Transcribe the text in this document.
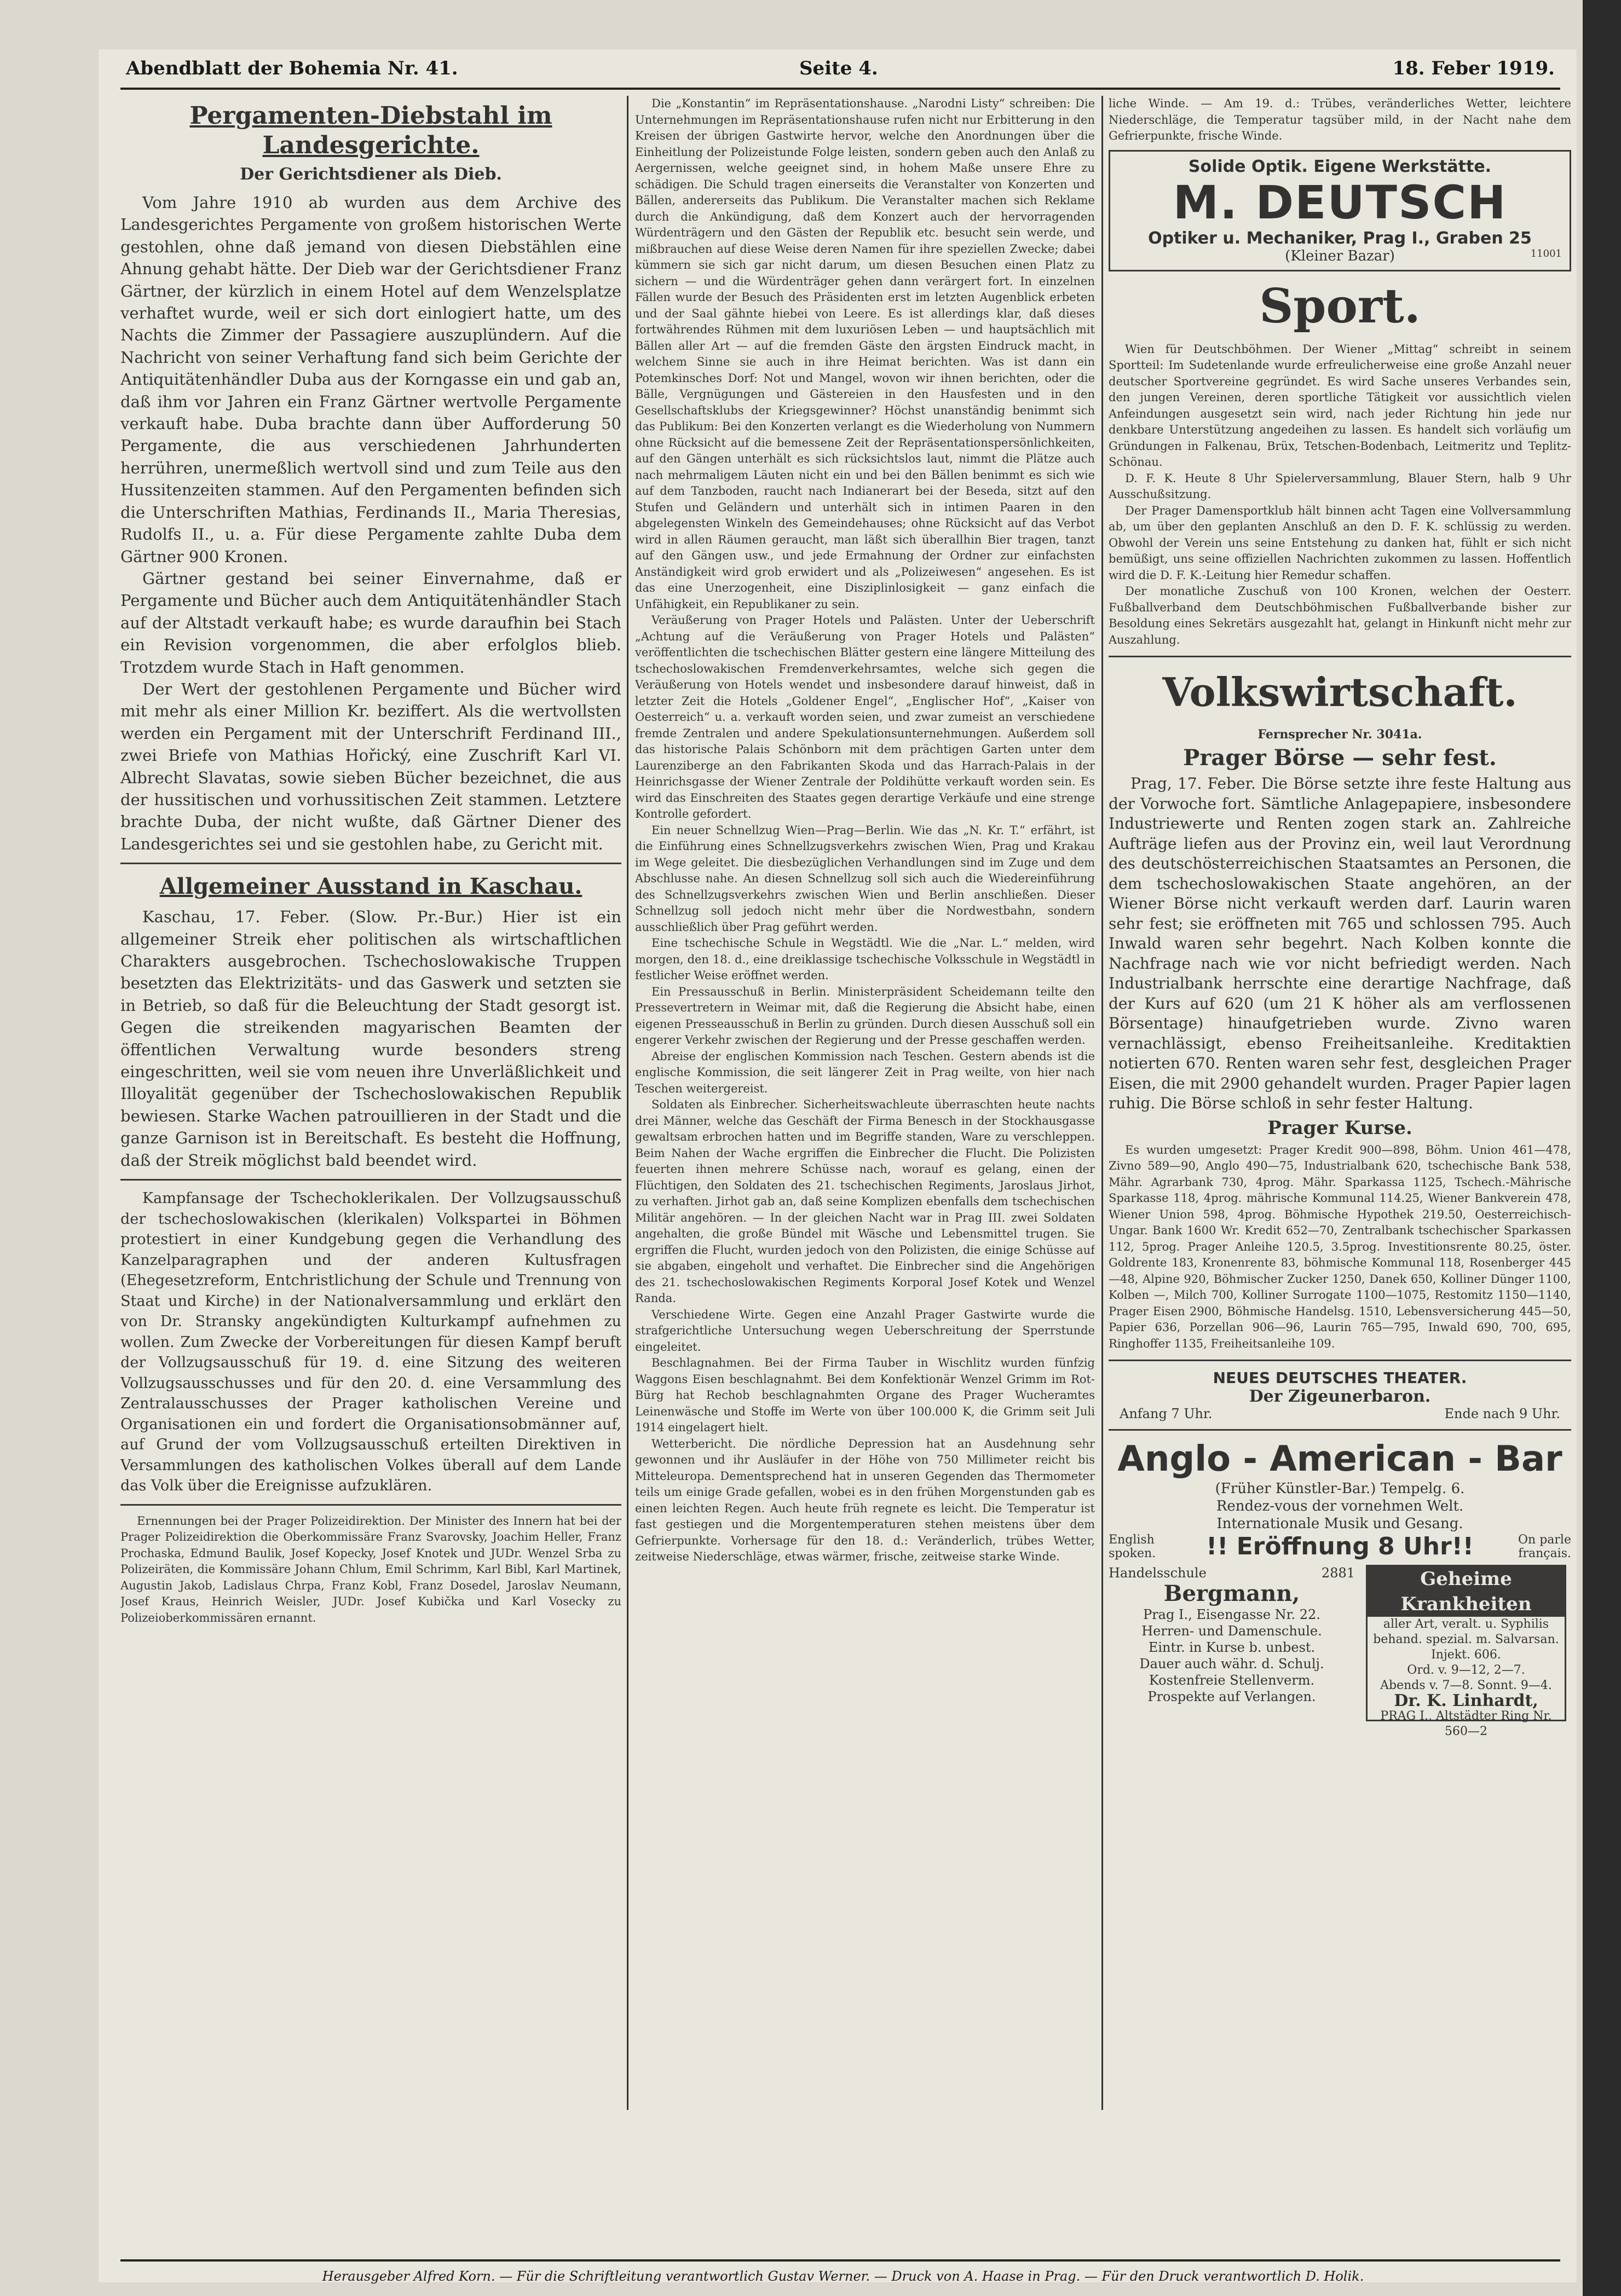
Abendblatt der Bohemia Nr. 41.	Seite 4.	18. Feber 1919.
Pergamenten-Diebstahl im Landesgerichte.
Der Gerichtsdiener als Dieb.

Vom Jahre 1910 ab wurden aus dem Archive des Landesgerichtes Pergamente von großem historischen Werte gestohlen, ohne daß jemand von diesen Diebstählen eine Ahnung gehabt hätte. Der Dieb war der Gerichtsdiener Franz Gärtner, der kürzlich in einem Hotel auf dem Wenzelsplatze verhaftet wurde, weil er sich dort einlogiert hatte, um des Nachts die Zimmer der Passagiere auszuplündern. Auf die Nachricht von seiner Verhaftung fand sich beim Gerichte der Antiquitätenhändler Duba aus der Korngasse ein und gab an, daß ihm vor Jahren ein Franz Gärtner wertvolle Pergamente verkauft habe. Duba brachte dann über Aufforderung 50 Pergamente, die aus verschiedenen Jahrhunderten herrühren, unermeßlich wertvoll sind und zum Teile aus den Hussitenzeiten stammen. Auf den Pergamenten befinden sich die Unterschriften Mathias, Ferdinands II., Maria Theresias, Rudolfs II., u. a. Für diese Pergamente zahlte Duba dem Gärtner 900 Kronen.

Gärtner gestand bei seiner Einvernahme, daß er Pergamente und Bücher auch dem Antiquitätenhändler Stach auf der Altstadt verkauft habe; es wurde daraufhin bei Stach ein Revision vorgenommen, die aber erfolglos blieb. Trotzdem wurde Stach in Haft genommen.

Der Wert der gestohlenen Pergamente und Bücher wird mit mehr als einer Million Kr. beziffert. Als die wertvollsten werden ein Pergament mit der Unterschrift Ferdinand III., zwei Briefe von Mathias Hořický, eine Zuschrift Karl VI. Albrecht Slavatas, sowie sieben Bücher bezeichnet, die aus der hussitischen und vorhussitischen Zeit stammen. Letztere brachte Duba, der nicht wußte, daß Gärtner Diener des Landesgerichtes sei und sie gestohlen habe, zu Gericht mit.

Allgemeiner Ausstand in Kaschau.

Kaschau, 17. Feber. (Slow. Pr.-Bur.) Hier ist ein allgemeiner Streik eher politischen als wirtschaftlichen Charakters ausgebrochen. Tschechoslowakische Truppen besetzten das Elektrizitäts- und das Gaswerk und setzten sie in Betrieb, so daß für die Beleuchtung der Stadt gesorgt ist. Gegen die streikenden magyarischen Beamten der öffentlichen Verwaltung wurde besonders streng eingeschritten, weil sie vom neuen ihre Unverläßlichkeit und Illoyalität gegenüber der Tschechoslowakischen Republik bewiesen. Starke Wachen patrouillieren in der Stadt und die ganze Garnison ist in Bereitschaft. Es besteht die Hoffnung, daß der Streik möglichst bald beendet wird.

Kampfansage der Tschechoklerikalen. Der Vollzugsausschuß der tschechoslowakischen (klerikalen) Volkspartei in Böhmen protestiert in einer Kundgebung gegen die Verhandlung des Kanzelparagraphen und der anderen Kultusfragen (Ehegesetzreform, Entchristlichung der Schule und Trennung von Staat und Kirche) in der Nationalversammlung und erklärt den von Dr. Stransky angekündigten Kulturkampf aufnehmen zu wollen. Zum Zwecke der Vorbereitungen für diesen Kampf beruft der Vollzugsausschuß für 19. d. eine Sitzung des weiteren Vollzugsausschusses und für den 20. d. eine Versammlung des Zentralausschusses der Prager katholischen Vereine und Organisationen ein und fordert die Organisationsobmänner auf, auf Grund der vom Vollzugsausschuß erteilten Direktiven in Versammlungen des katholischen Volkes überall auf dem Lande das Volk über die Ereignisse aufzuklären.

Ernennungen bei der Prager Polizeidirektion. Der Minister des Innern hat bei der Prager Polizeidirektion die Oberkommissäre Franz Svarovsky, Joachim Heller, Franz Prochaska, Edmund Baulik, Josef Kopecky, Josef Knotek und JUDr. Wenzel Srba zu Polizeiräten, die Kommissäre Johann Chlum, Emil Schrimm, Karl Bibl, Karl Martinek, Augustin Jakob, Ladislaus Chrpa, Franz Kobl, Franz Dosedel, Jaroslav Neumann, Josef Kraus, Heinrich Weisler, JUDr. Josef Kubička und Karl Vosecky zu Polizeioberkommissären ernannt.

Die „Konstantin“ im Repräsentationshause. „Narodni Listy“ schreiben: Die Unternehmungen im Repräsentationshause rufen nicht nur Erbitterung in den Kreisen der übrigen Gastwirte hervor, welche den Anordnungen über die Einheitlung der Polizeistunde Folge leisten, sondern geben auch den Anlaß zu Aergernissen, welche geeignet sind, in hohem Maße unsere Ehre zu schädigen. Die Schuld tragen einerseits die Veranstalter von Konzerten und Bällen, andererseits das Publikum. Die Veranstalter machen sich Reklame durch die Ankündigung, daß dem Konzert auch der hervorragenden Würdenträgern und den Gästen der Republik etc. besucht sein werde, und mißbrauchen auf diese Weise deren Namen für ihre speziellen Zwecke; dabei kümmern sie sich gar nicht darum, um diesen Besuchen einen Platz zu sichern — und die Würdenträger gehen dann verärgert fort. In einzelnen Fällen wurde der Besuch des Präsidenten erst im letzten Augenblick erbeten und der Saal gähnte hiebei von Leere. Es ist allerdings klar, daß dieses fortwährendes Rühmen mit dem luxuriösen Leben — und hauptsächlich mit Bällen aller Art — auf die fremden Gäste den ärgsten Eindruck macht, in welchem Sinne sie auch in ihre Heimat berichten. Was ist dann ein Potemkinsches Dorf: Not und Mangel, wovon wir ihnen berichten, oder die Bälle, Vergnügungen und Gästereien in den Hausfesten und in den Gesellschaftsklubs der Kriegsgewinner? Höchst unanständig benimmt sich das Publikum: Bei den Konzerten verlangt es die Wiederholung von Nummern ohne Rücksicht auf die bemessene Zeit der Repräsentationspersönlichkeiten, auf den Gängen unterhält es sich rücksichtslos laut, nimmt die Plätze auch nach mehrmaligem Läuten nicht ein und bei den Bällen benimmt es sich wie auf dem Tanzboden, raucht nach Indianerart bei der Beseda, sitzt auf den Stufen und Geländern und unterhält sich in intimen Paaren in den abgelegensten Winkeln des Gemeindehauses; ohne Rücksicht auf das Verbot wird in allen Räumen geraucht, man läßt sich überallhin Bier tragen, tanzt auf den Gängen usw., und jede Ermahnung der Ordner zur einfachsten Anständigkeit wird grob erwidert und als „Polizeiwesen“ angesehen. Es ist das eine Unerzogenheit, eine Disziplinlosigkeit — ganz einfach die Unfähigkeit, ein Republikaner zu sein.

Veräußerung von Prager Hotels und Palästen. Unter der Ueberschrift „Achtung auf die Veräußerung von Prager Hotels und Palästen“ veröffentlichten die tschechischen Blätter gestern eine längere Mitteilung des tschechoslowakischen Fremdenverkehrsamtes, welche sich gegen die Veräußerung von Hotels wendet und insbesondere darauf hinweist, daß in letzter Zeit die Hotels „Goldener Engel“, „Englischer Hof“, „Kaiser von Oesterreich“ u. a. verkauft worden seien, und zwar zumeist an verschiedene fremde Zentralen und andere Spekulationsunternehmungen. Außerdem soll das historische Palais Schönborn mit dem prächtigen Garten unter dem Laurenziberge an den Fabrikanten Skoda und das Harrach-Palais in der Heinrichsgasse der Wiener Zentrale der Poldihütte verkauft worden sein. Es wird das Einschreiten des Staates gegen derartige Verkäufe und eine strenge Kontrolle gefordert.

Ein neuer Schnellzug Wien—Prag—Berlin. Wie das „N. Kr. T.“ erfährt, ist die Einführung eines Schnellzugsverkehrs zwischen Wien, Prag und Krakau im Wege geleitet. Die diesbezüglichen Verhandlungen sind im Zuge und dem Abschlusse nahe. An diesen Schnellzug soll sich auch die Wiedereinführung des Schnellzugsverkehrs zwischen Wien und Berlin anschließen. Dieser Schnellzug soll jedoch nicht mehr über die Nordwestbahn, sondern ausschließlich über Prag geführt werden.

Eine tschechische Schule in Wegstädtl. Wie die „Nar. L.“ melden, wird morgen, den 18. d., eine dreiklassige tschechische Volksschule in Wegstädtl in festlicher Weise eröffnet werden.

Ein Pressausschuß in Berlin. Ministerpräsident Scheidemann teilte den Pressevertretern in Weimar mit, daß die Regierung die Absicht habe, einen eigenen Presseausschuß in Berlin zu gründen. Durch diesen Ausschuß soll ein engerer Verkehr zwischen der Regierung und der Presse geschaffen werden.

Abreise der englischen Kommission nach Teschen. Gestern abends ist die englische Kommission, die seit längerer Zeit in Prag weilte, von hier nach Teschen weitergereist.

Soldaten als Einbrecher. Sicherheitswachleute überraschten heute nachts drei Männer, welche das Geschäft der Firma Benesch in der Stockhausgasse gewaltsam erbrochen hatten und im Begriffe standen, Ware zu verschleppen. Beim Nahen der Wache ergriffen die Einbrecher die Flucht. Die Polizisten feuerten ihnen mehrere Schüsse nach, worauf es gelang, einen der Flüchtigen, den Soldaten des 21. tschechischen Regiments, Jaroslaus Jirhot, zu verhaften. Jirhot gab an, daß seine Komplizen ebenfalls dem tschechischen Militär angehören. — In der gleichen Nacht war in Prag III. zwei Soldaten angehalten, die große Bündel mit Wäsche und Lebensmittel trugen. Sie ergriffen die Flucht, wurden jedoch von den Polizisten, die einige Schüsse auf sie abgaben, eingeholt und verhaftet. Die Einbrecher sind die Angehörigen des 21. tschechoslowakischen Regiments Korporal Josef Kotek und Wenzel Randa.

Verschiedene Wirte. Gegen eine Anzahl Prager Gastwirte wurde die strafgerichtliche Untersuchung wegen Ueberschreitung der Sperrstunde eingeleitet.

Beschlagnahmen. Bei der Firma Tauber in Wischlitz wurden fünfzig Waggons Eisen beschlagnahmt. Bei dem Konfektionär Wenzel Grimm im Rot-Bürg hat Rechob beschlagnahmten Organe des Prager Wucheramtes Leinenwäsche und Stoffe im Werte von über 100.000 K, die Grimm seit Juli 1914 eingelagert hielt.

Wetterbericht. Die nördliche Depression hat an Ausdehnung sehr gewonnen und ihr Ausläufer in der Höhe von 750 Millimeter reicht bis Mitteleuropa. Dementsprechend hat in unseren Gegenden das Thermometer teils um einige Grade gefallen, wobei es in den frühen Morgenstunden gab es einen leichten Regen. Auch heute früh regnete es leicht. Die Temperatur ist fast gestiegen und die Morgentemperaturen stehen meistens über dem Gefrierpunkte. Vorhersage für den 18. d.: Veränderlich, trübes Wetter, zeitweise Niederschläge, etwas wärmer, frische, zeitweise starke Winde.

liche Winde. — Am 19. d.: Trübes, veränderliches Wetter, leichtere Niederschläge, die Temperatur tagsüber mild, in der Nacht nahe dem Gefrierpunkte, frische Winde.

Solide Optik. Eigene Werkstätte.
M. DEUTSCH
Optiker u. Mechaniker, Prag I., Graben 25
(Kleiner Bazar)	11001
Sport.

Wien für Deutschböhmen. Der Wiener „Mittag“ schreibt in seinem Sportteil: Im Sudetenlande wurde erfreulicherweise eine große Anzahl neuer deutscher Sportvereine gegründet. Es wird Sache unseres Verbandes sein, den jungen Vereinen, deren sportliche Tätigkeit vor aussichtlich vielen Anfeindungen ausgesetzt sein wird, nach jeder Richtung hin jede nur denkbare Unterstützung angedeihen zu lassen. Es handelt sich vorläufig um Gründungen in Falkenau, Brüx, Tetschen-Bodenbach, Leitmeritz und Teplitz-Schönau.

D. F. K. Heute 8 Uhr Spielerversammlung, Blauer Stern, halb 9 Uhr Ausschußsitzung.

Der Prager Damensportklub hält binnen acht Tagen eine Vollversammlung ab, um über den geplanten Anschluß an den D. F. K. schlüssig zu werden. Obwohl der Verein uns seine Entstehung zu danken hat, fühlt er sich nicht bemüßigt, uns seine offiziellen Nachrichten zukommen zu lassen. Hoffentlich wird die D. F. K.-Leitung hier Remedur schaffen.

Der monatliche Zuschuß von 100 Kronen, welchen der Oesterr. Fußballverband dem Deutschböhmischen Fußballverbande bisher zur Besoldung eines Sekretärs ausgezahlt hat, gelangt in Hinkunft nicht mehr zur Auszahlung.

Volkswirtschaft.
Fernsprecher Nr. 3041a.
Prager Börse — sehr fest.

Prag, 17. Feber. Die Börse setzte ihre feste Haltung aus der Vorwoche fort. Sämtliche Anlagepapiere, insbesondere Industriewerte und Renten zogen stark an. Zahlreiche Aufträge liefen aus der Provinz ein, weil laut Verordnung des deutschösterreichischen Staatsamtes an Personen, die dem tschechoslowakischen Staate angehören, an der Wiener Börse nicht verkauft werden darf. Laurin waren sehr fest; sie eröffneten mit 765 und schlossen 795. Auch Inwald waren sehr begehrt. Nach Kolben konnte die Nachfrage nach wie vor nicht befriedigt werden. Nach Industrialbank herrschte eine derartige Nachfrage, daß der Kurs auf 620 (um 21 K höher als am verflossenen Börsentage) hinaufgetrieben wurde. Zivno waren vernachlässigt, ebenso Freiheitsanleihe. Kreditaktien notierten 670. Renten waren sehr fest, desgleichen Prager Eisen, die mit 2900 gehandelt wurden. Prager Papier lagen ruhig. Die Börse schloß in sehr fester Haltung.

Prager Kurse.

Es wurden umgesetzt: Prager Kredit 900—898, Böhm. Union 461—478, Zivno 589—90, Anglo 490—75, Industrialbank 620, tschechische Bank 538, Mähr. Agrarbank 730, 4prog. Mähr. Sparkassa 1125, Tschech.-Mährische Sparkasse 118, 4prog. mährische Kommunal 114.25, Wiener Bankverein 478, Wiener Union 598, 4prog. Böhmische Hypothek 219.50, Oesterreichisch-Ungar. Bank 1600 Wr. Kredit 652—70, Zentralbank tschechischer Sparkassen 112, 5prog. Prager Anleihe 120.5, 3.5prog. Investitionsrente 80.25, öster. Goldrente 183, Kronenrente 83, böhmische Kommunal 118, Rosenberger 445—48, Alpine 920, Böhmischer Zucker 1250, Danek 650, Kolliner Dünger 1100, Kolben —, Milch 700, Kolliner Surrogate 1100—1075, Restomitz 1150—1140, Prager Eisen 2900, Böhmische Handelsg. 1510, Lebensversicherung 445—50, Papier 636, Porzellan 906—96, Laurin 765—795, Inwald 690, 700, 695, Ringhoffer 1135, Freiheitsanleihe 109.

NEUES DEUTSCHES THEATER.
Der Zigeunerbaron.
Anfang 7 Uhr.	Ende nach 9 Uhr.
Anglo - American - Bar
(Früher Künstler-Bar.) Tempelg. 6.
Rendez-vous der vornehmen Welt.
Internationale Musik und Gesang.
English spoken.	!! Eröffnung 8 Uhr!!	On parle français.
Handelsschule	2881
Bergmann,
Prag I., Eisengasse Nr. 22.
Herren- und Damenschule.
Eintr. in Kurse b. unbest.
Dauer auch währ. d. Schulj.
Kostenfreie Stellenverm.
Prospekte auf Verlangen.
Geheime Krankheiten
aller Art, veralt. u. Syphilis behand. spezial. m. Salvarsan. Injekt. 606.
Ord. v. 9—12, 2—7.
Abends v. 7—8. Sonnt. 9—4.
Dr. K. Linhardt,
PRAG I., Altstädter Ring Nr. 560—2
Herausgeber Alfred Korn. — Für die Schriftleitung verantwortlich Gustav Werner. — Druck von A. Haase in Prag. — Für den Druck verantwortlich D. Holik.
